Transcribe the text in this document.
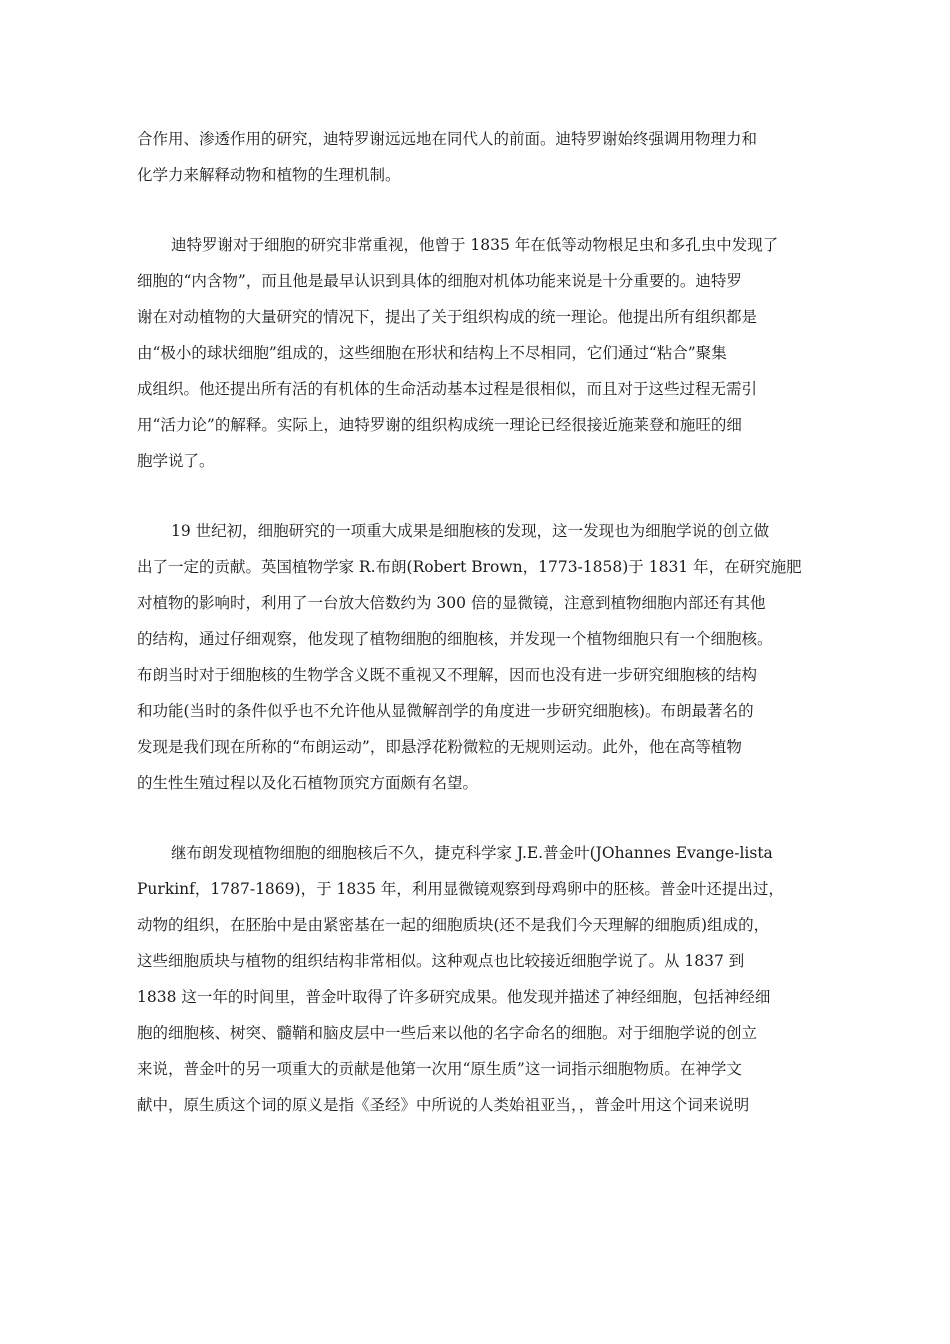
合作用、渗透作用的研究，迪特罗谢远远地在同代人的前面。迪特罗谢始终强调用物理力和
化学力来解释动物和植物的生理机制。
迪特罗谢对于细胞的研究非常重视，他曾于 1835 年在低等动物根足虫和多孔虫中发现了
细胞的“内含物”，而且他是最早认识到具体的细胞对机体功能来说是十分重要的。迪特罗
谢在对动植物的大量研究的情况下，提出了关于组织构成的统一理论。他提出所有组织都是
由“极小的球状细胞”组成的，这些细胞在形状和结构上不尽相同，它们通过“粘合”聚集
成组织。他还提出所有活的有机体的生命活动基本过程是很相似，而且对于这些过程无需引
用“活力论”的解释。实际上，迪特罗谢的组织构成统一理论已经很接近施莱登和施旺的细
胞学说了。
19 世纪初，细胞研究的一项重大成果是细胞核的发现，这一发现也为细胞学说的创立做
出了一定的贡献。英国植物学家 R.布朗(Robert Brown，1773-1858)于 1831 年，在研究施肥
对植物的影响时，利用了一台放大倍数约为 300 倍的显微镜，注意到植物细胞内部还有其他
的结构，通过仔细观察，他发现了植物细胞的细胞核，并发现一个植物细胞只有一个细胞核。
布朗当时对于细胞核的生物学含义既不重视又不理解，因而也没有进一步研究细胞核的结构
和功能(当时的条件似乎也不允许他从显微解剖学的角度进一步研究细胞核)。布朗最著名的
发现是我们现在所称的“布朗运动”，即悬浮花粉微粒的无规则运动。此外，他在高等植物
的生性生殖过程以及化石植物顶究方面颇有名望。
继布朗发现植物细胞的细胞核后不久，捷克科学家 J.E.普金叶(JOhannes Evange-lista
Purkinf，1787-1869)，于 1835 年，利用显微镜观察到母鸡卵中的胚核。普金叶还提出过，
动物的组织，在胚胎中是由紧密基在一起的细胞质块(还不是我们今天理解的细胞质)组成的，
这些细胞质块与植物的组织结构非常相似。这种观点也比较接近细胞学说了。从 1837 到
1838 这一年的时间里，普金叶取得了许多研究成果。他发现并描述了神经细胞，包括神经细
胞的细胞核、树突、髓鞘和脑皮层中一些后来以他的名字命名的细胞。对于细胞学说的创立
来说，普金叶的另一项重大的贡献是他第一次用“原生质”这一词指示细胞物质。在神学文
献中，原生质这个词的原义是指《圣经》中所说的人类始祖亚当，，普金叶用这个词来说明
